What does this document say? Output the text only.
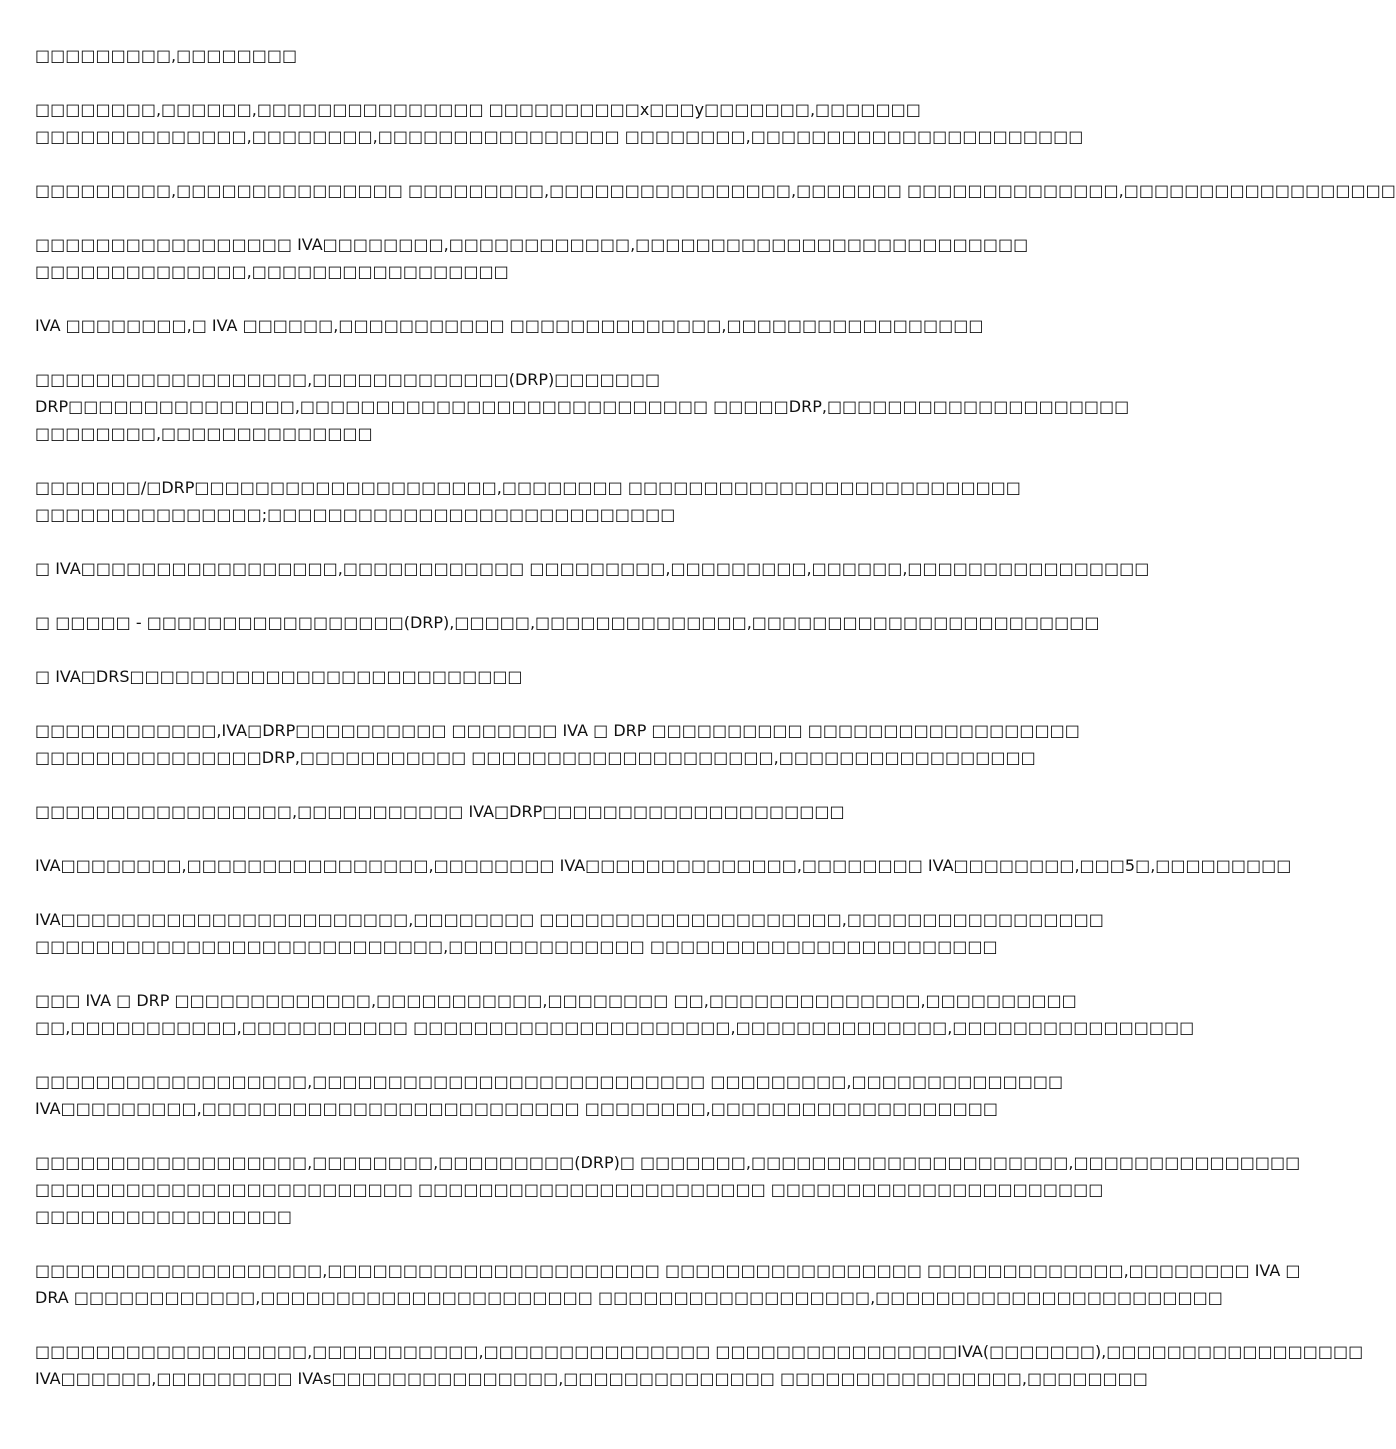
□□□□□□□□□,□□□□□□□□

□□□□□□□□,□□□□□□,□□□□□□□□□□□□□□□ □□□□□□□□□□x□□□y□□□□□□□,□□□□□□□
□□□□□□□□□□□□□□,□□□□□□□□,□□□□□□□□□□□□□□□□ □□□□□□□□,□□□□□□□□□□□□□□□□□□□□□□

□□□□□□□□□,□□□□□□□□□□□□□□□ □□□□□□□□□,□□□□□□□□□□□□□□□□,□□□□□□□ □□□□□□□□□□□□□□,□□□□□□□□□□□□□□□□□□

□□□□□□□□□□□□□□□□□ IVA□□□□□□□□,□□□□□□□□□□□□,□□□□□□□□□□□□□□□□□□□□□□□□□□
□□□□□□□□□□□□□□,□□□□□□□□□□□□□□□□□

IVA □□□□□□□□,□ IVA □□□□□□,□□□□□□□□□□□ □□□□□□□□□□□□□□,□□□□□□□□□□□□□□□□□

□□□□□□□□□□□□□□□□□□,□□□□□□□□□□□□□(DRP)□□□□□□□
DRP□□□□□□□□□□□□□□□,□□□□□□□□□□□□□□□□□□□□□□□□□□□ □□□□□DRP,□□□□□□□□□□□□□□□□□□□□
□□□□□□□□,□□□□□□□□□□□□□□

□□□□□□□/□DRP□□□□□□□□□□□□□□□□□□□□,□□□□□□□□ □□□□□□□□□□□□□□□□□□□□□□□□□□
□□□□□□□□□□□□□□□;□□□□□□□□□□□□□□□□□□□□□□□□□□□

□ IVA□□□□□□□□□□□□□□□□□,□□□□□□□□□□□□ □□□□□□□□□,□□□□□□□□□,□□□□□□,□□□□□□□□□□□□□□□□

□ □□□□□ - □□□□□□□□□□□□□□□□□(DRP),□□□□□,□□□□□□□□□□□□□□,□□□□□□□□□□□□□□□□□□□□□□□

□ IVA□DRS□□□□□□□□□□□□□□□□□□□□□□□□□□

□□□□□□□□□□□□,IVA□DRP□□□□□□□□□□ □□□□□□□ IVA □ DRP □□□□□□□□□□ □□□□□□□□□□□□□□□□□□
□□□□□□□□□□□□□□□DRP,□□□□□□□□□□□ □□□□□□□□□□□□□□□□□□□□,□□□□□□□□□□□□□□□□□

□□□□□□□□□□□□□□□□□,□□□□□□□□□□□ IVA□DRP□□□□□□□□□□□□□□□□□□□□

IVA□□□□□□□□,□□□□□□□□□□□□□□□□,□□□□□□□□ IVA□□□□□□□□□□□□□□,□□□□□□□□ IVA□□□□□□□□,□□□5□,□□□□□□□□□

IVA□□□□□□□□□□□□□□□□□□□□□□□,□□□□□□□□ □□□□□□□□□□□□□□□□□□□□,□□□□□□□□□□□□□□□□□
□□□□□□□□□□□□□□□□□□□□□□□□□□□,□□□□□□□□□□□□□ □□□□□□□□□□□□□□□□□□□□□□□

□□□ IVA □ DRP □□□□□□□□□□□□□,□□□□□□□□□□□,□□□□□□□□ □□,□□□□□□□□□□□□□□,□□□□□□□□□□
□□,□□□□□□□□□□□,□□□□□□□□□□□ □□□□□□□□□□□□□□□□□□□□□,□□□□□□□□□□□□□□,□□□□□□□□□□□□□□□□

□□□□□□□□□□□□□□□□□□,□□□□□□□□□□□□□□□□□□□□□□□□□□ □□□□□□□□□,□□□□□□□□□□□□□□
IVA□□□□□□□□□,□□□□□□□□□□□□□□□□□□□□□□□□□ □□□□□□□□,□□□□□□□□□□□□□□□□□□□

□□□□□□□□□□□□□□□□□□,□□□□□□□□,□□□□□□□□□(DRP)□ □□□□□□□,□□□□□□□□□□□□□□□□□□□□□,□□□□□□□□□□□□□□□
□□□□□□□□□□□□□□□□□□□□□□□□□ □□□□□□□□□□□□□□□□□□□□□□□ □□□□□□□□□□□□□□□□□□□□□□
□□□□□□□□□□□□□□□□□

□□□□□□□□□□□□□□□□□□□,□□□□□□□□□□□□□□□□□□□□□□ □□□□□□□□□□□□□□□□□ □□□□□□□□□□□□□,□□□□□□□□ IVA □
DRA □□□□□□□□□□□□,□□□□□□□□□□□□□□□□□□□□□□ □□□□□□□□□□□□□□□□□□,□□□□□□□□□□□□□□□□□□□□□□□

□□□□□□□□□□□□□□□□□□,□□□□□□□□□□□,□□□□□□□□□□□□□□□ □□□□□□□□□□□□□□□□IVA(□□□□□□□),□□□□□□□□□□□□□□□□□
IVA□□□□□□,□□□□□□□□□ IVAs□□□□□□□□□□□□□□□,□□□□□□□□□□□□□□ □□□□□□□□□□□□□□□□,□□□□□□□□
